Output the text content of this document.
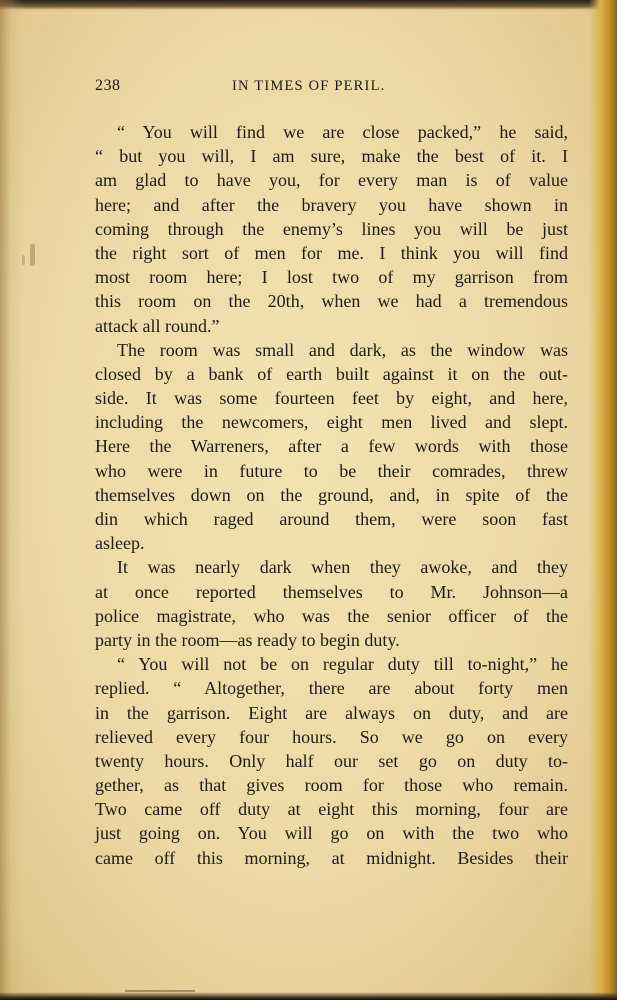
238	IN TIMES OF PERIL.
“ You will find we are close packed,” he said,
“ but you will, I am sure, make the best of it. I
am glad to have you, for every man is of value
here; and after the bravery you have shown in
coming through the enemy’s lines you will be just
the right sort of men for me. I think you will find
most room here; I lost two of my garrison from
this room on the 20th, when we had a tremendous
attack all round.”
The room was small and dark, as the window was
closed by a bank of earth built against it on the out-
side. It was some fourteen feet by eight, and here,
including the newcomers, eight men lived and slept.
Here the Warreners, after a few words with those
who were in future to be their comrades, threw
themselves down on the ground, and, in spite of the
din which raged around them, were soon fast
asleep.
It was nearly dark when they awoke, and they
at once reported themselves to Mr. Johnson—a
police magistrate, who was the senior officer of the
party in the room—as ready to begin duty.
“ You will not be on regular duty till to-night,” he
replied. “ Altogether, there are about forty men
in the garrison. Eight are always on duty, and are
relieved every four hours. So we go on every
twenty hours. Only half our set go on duty to-
gether, as that gives room for those who remain.
Two came off duty at eight this morning, four are
just going on. You will go on with the two who
came off this morning, at midnight. Besides their
